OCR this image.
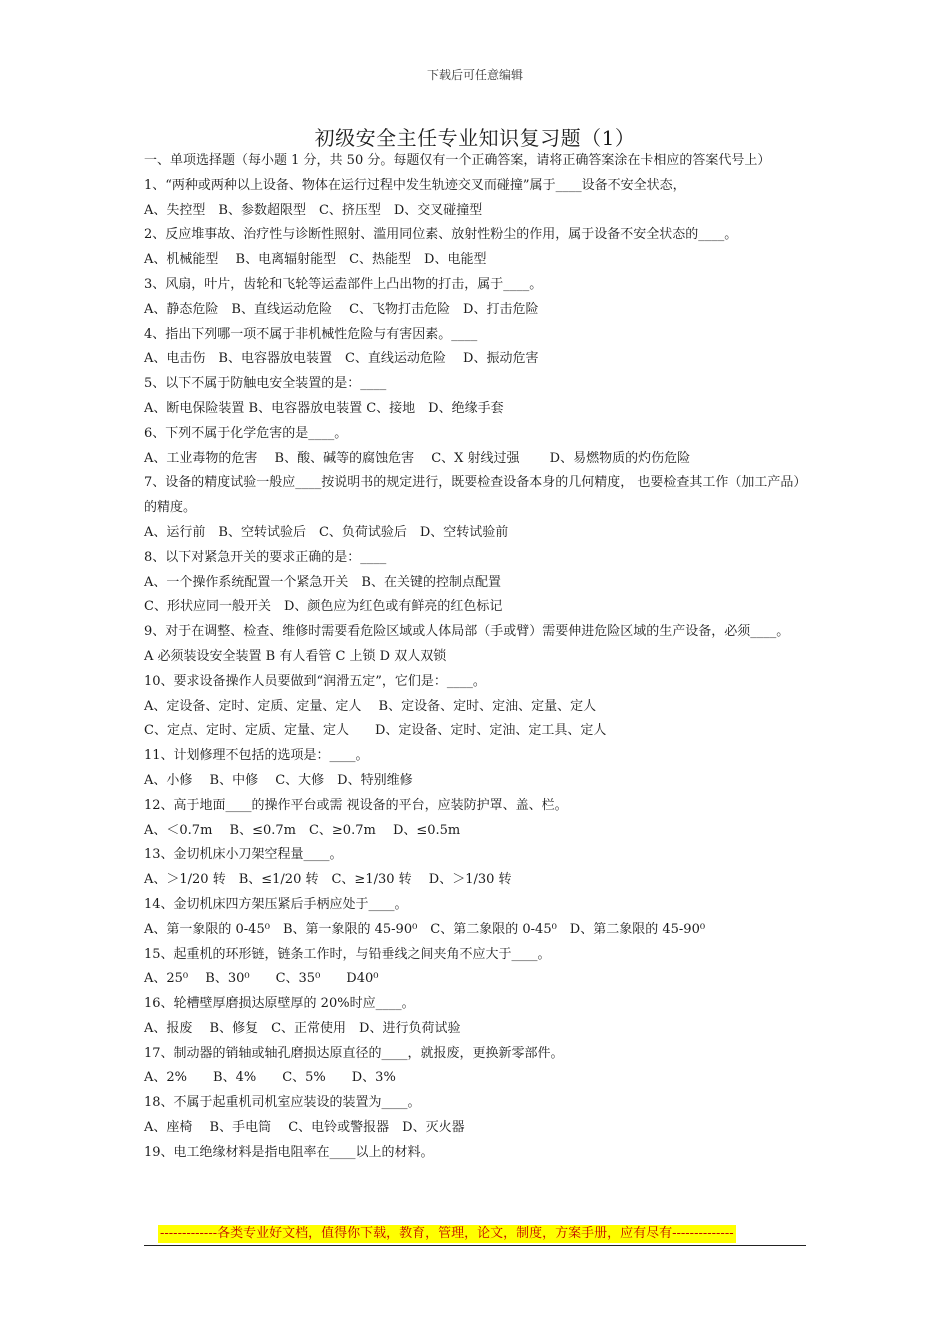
下载后可任意编辑
初级安全主任专业知识复习题（1）
一、单项选择题（每小题 1 分，共 50 分。每题仅有一个正确答案，请将正确答案涂在卡相应的答案代号上）
1、“两种或两种以上设备、物体在运行过程中发生轨迹交叉而碰撞”属于____设备不安全状态，
A、失控型　B、参数超限型　C、挤压型　D、交叉碰撞型
2、反应堆事故、治疗性与诊断性照射、滥用同位素、放射性粉尘的作用，属于设备不安全状态的____。
A、机械能型　 B、电离辐射能型　C、热能型　D、电能型
3、风扇，叶片，齿轮和飞轮等运盍部件上凸出物的打击，属于____。
A、静态危险　B、直线运动危险　 C、飞物打击危险　D、打击危险
4、指出下列哪一项不属于非机械性危险与有害因素。____
A、电击伤　B、电容器放电装置　C、直线运动危险　 D、振动危害
5、以下不属于防触电安全装置的是：____
A、断电保险装置 B、电容器放电装置 C、接地　D、绝缘手套
6、下列不属于化学危害的是____。
A、工业毒物的危害　 B、酸、碱等的腐蚀危害　 C、X 射线过强　　 D、易燃物质的灼伤危险
7、设备的精度试验一般应____按说明书的规定进行，既要检查设备本身的几何精度， 也要检查其工作（加工产品）的精度。
A、运行前　B、空转试验后　C、负荷试验后　D、空转试验前
8、以下对紧急开关的要求正确的是：____
A、一个操作系统配置一个紧急开关　B、在关键的控制点配置
C、形状应同一般开关　D、颜色应为红色或有鲜亮的红色标记
9、对于在调整、检查、维修时需要看危险区域或人体局部（手或臂）需要伸进危险区域的生产设备，必须____。
A 必须装设安全装置 B 有人看管 C 上锁 D 双人双锁
10、要求设备操作人员要做到“润滑五定”，它们是：____。
A、定设备、定时、定质、定量、定人　 B、定设备、定时、定油、定量、定人
C、定点、定时、定质、定量、定人　　D、定设备、定时、定油、定工具、定人
11、计划修理不包括的选项是：____。
A、小修　 B、中修　 C、大修　D、特别维修
12、高于地面____的操作平台或需 视设备的平台，应装防护罩、盖、栏。
A、＜0.7m　 B、≤0.7m　C、≥0.7m　 D、≤0.5m
13、金切机床小刀架空程量____。
A、＞1/20 转　B、≤1/20 转　C、≥1/30 转　 D、＞1/30 转
14、金切机床四方架压紧后手柄应处于____。
A、第一象限的 0-45⁰　B、第一象限的 45-90⁰　C、第二象限的 0-45⁰　D、第二象限的 45-90⁰
15、起重机的环形链，链条工作时，与铅垂线之间夹角不应大于____。
A、25⁰　 B、30⁰　　C、35⁰　　D40⁰
16、轮槽壁厚磨损达原壁厚的 20%时应____。
A、报废　 B、修复　C、正常使用　D、进行负荷试验
17、制动器的销轴或轴孔磨损达原直径的____，就报废，更换新零部件。
A、2%　　B、4%　　C、5%　　D、3%
18、不属于起重机司机室应装设的装置为____。
A、座椅　 B、手电筒　 C、电铃或警报器　D、灭火器
19、电工绝缘材料是指电阻率在____以上的材料。
-------------各类专业好文档，值得你下载，教育，管理，论文，制度，方案手册，应有尽有--------------
